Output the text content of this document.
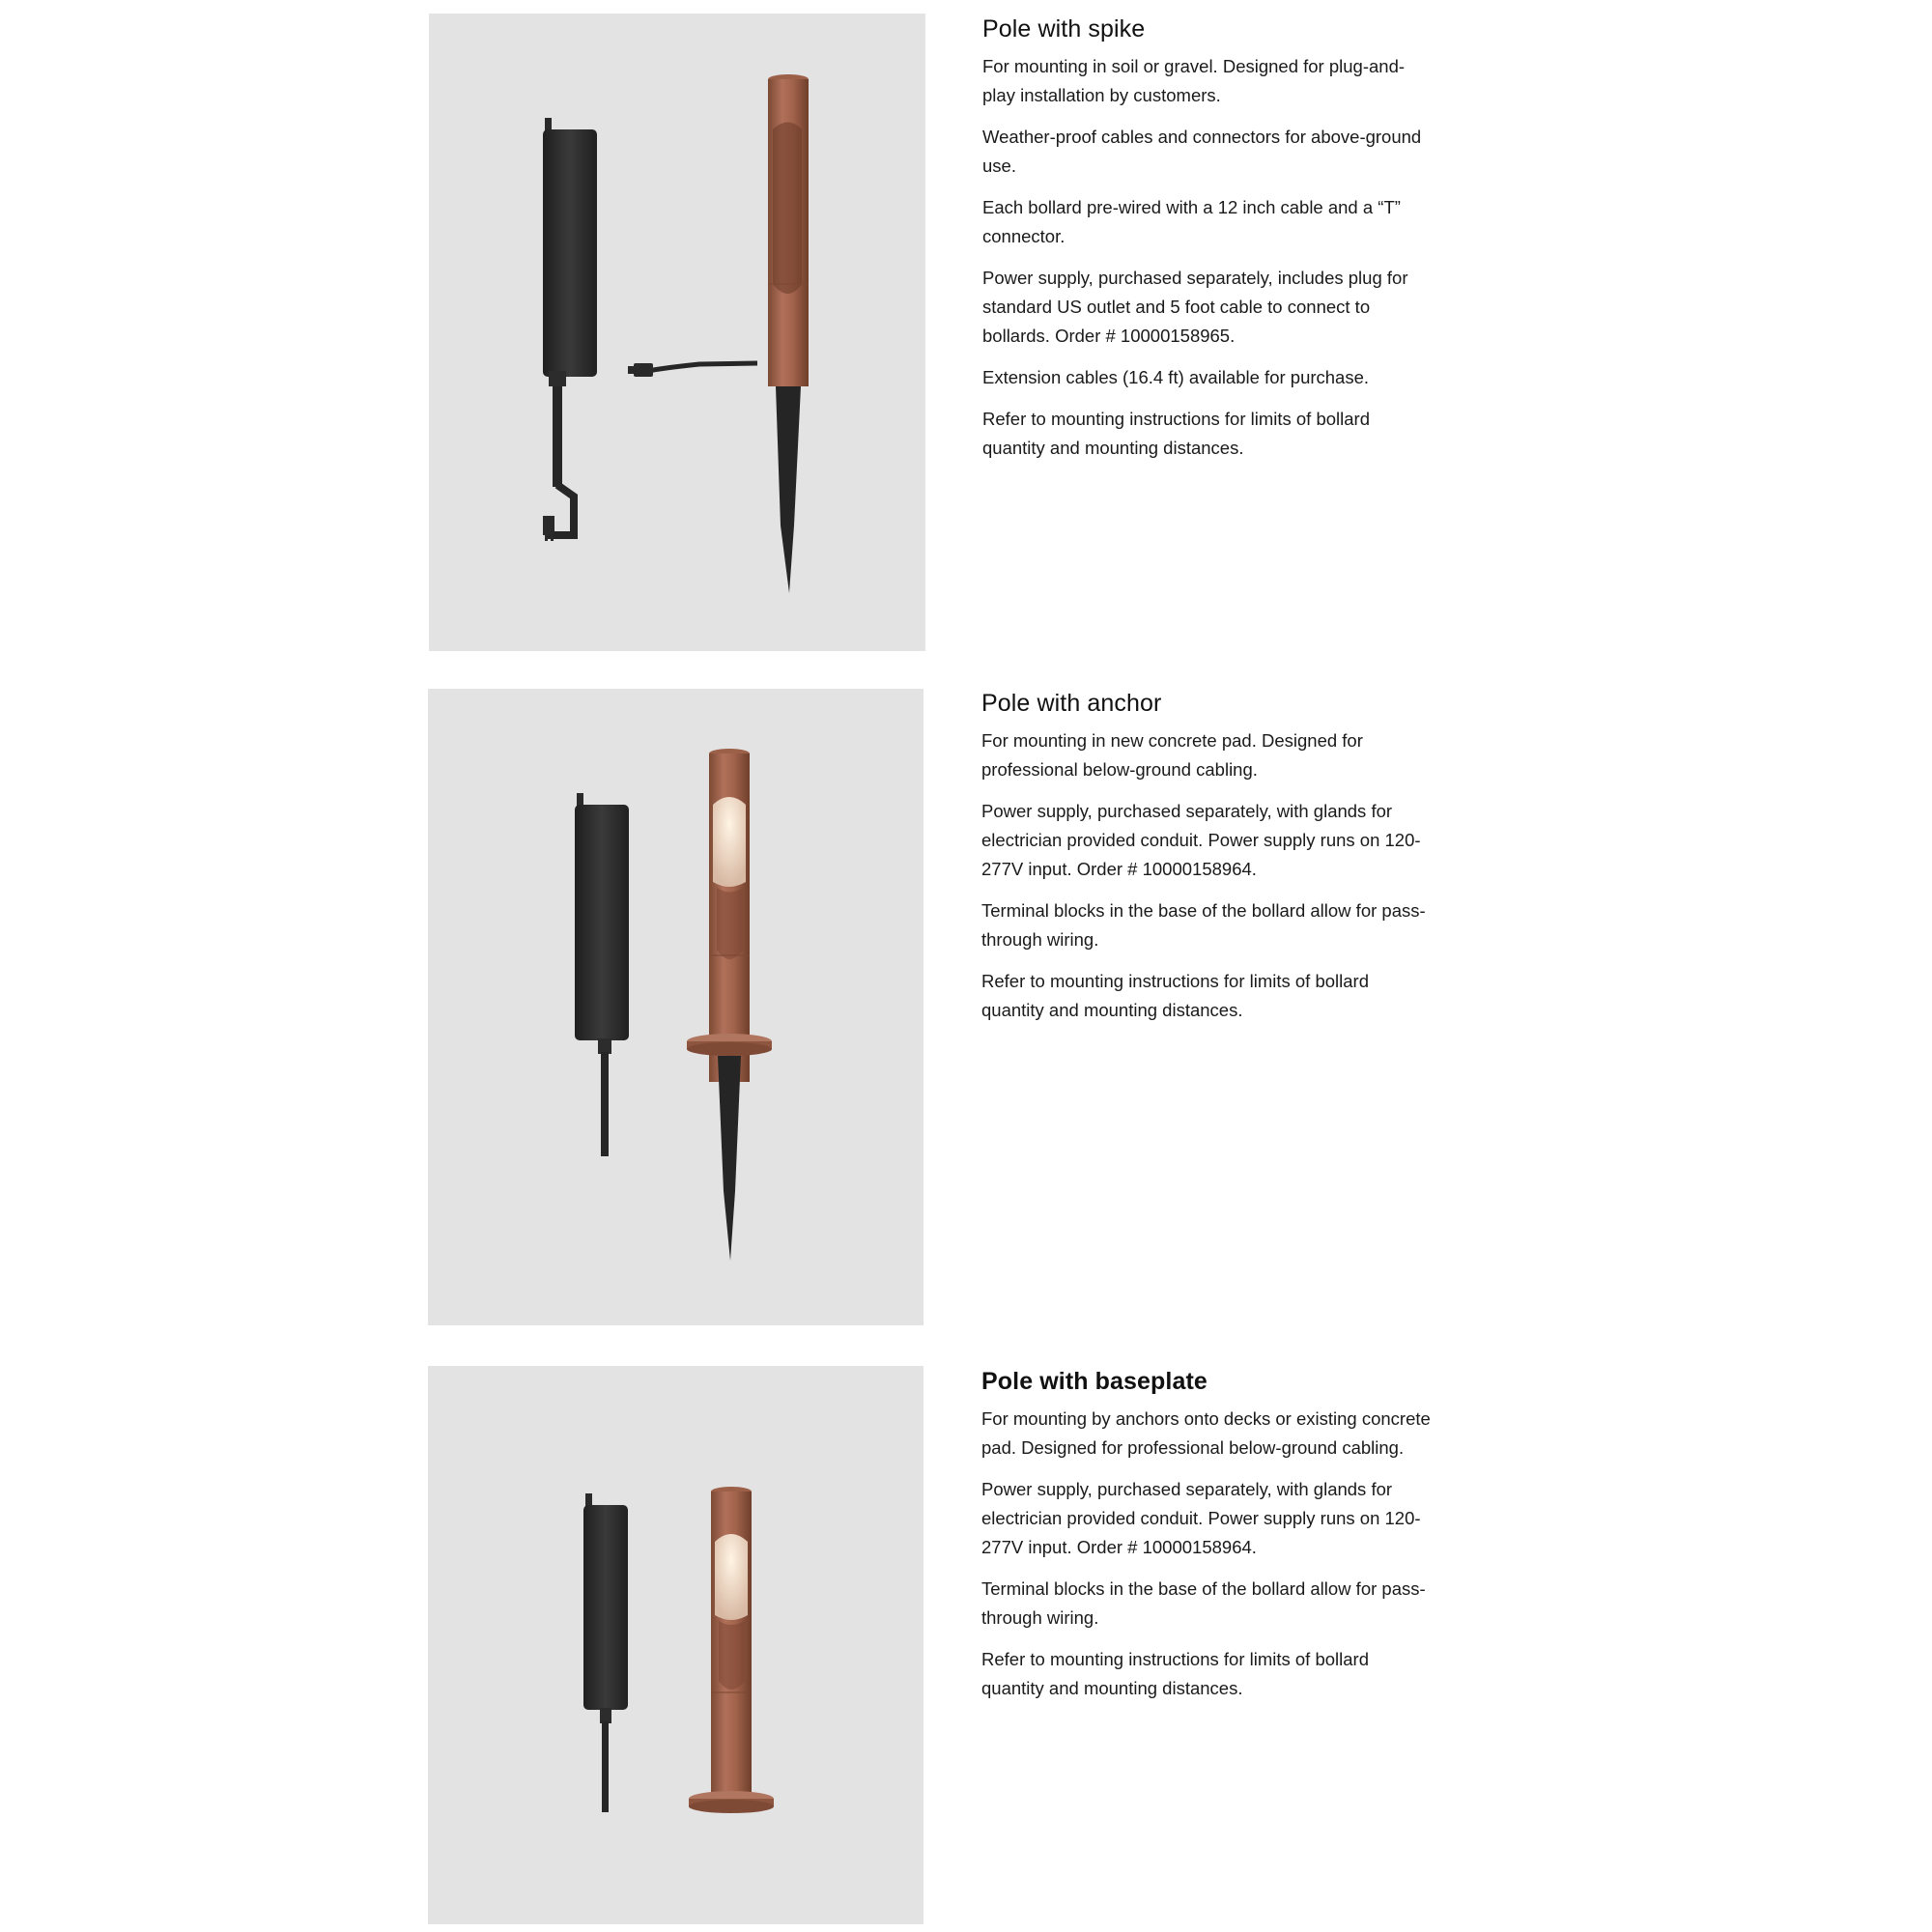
Pole with spike

For mounting in soil or gravel. Designed for plug-and-play installation by customers.

Weather-proof cables and connectors for above-ground use.

Each bollard pre-wired with a 12 inch cable and a “T” connector.

Power supply, purchased separately, includes plug for standard US outlet and 5 foot cable to connect to bollards. Order # 10000158965.

Extension cables (16.4 ft) available for purchase.

Refer to mounting instructions for limits of bollard quantity and mounting distances.

Pole with anchor

For mounting in new concrete pad. Designed for professional below-ground cabling.

Power supply, purchased separately, with glands for electrician provided conduit. Power supply runs on 120-277V input. Order # 10000158964.

Terminal blocks in the base of the bollard allow for pass-through wiring.

Refer to mounting instructions for limits of bollard quantity and mounting distances.

Pole with baseplate

For mounting by anchors onto decks or existing concrete pad. Designed for professional below-ground cabling.

Power supply, purchased separately, with glands for electrician provided conduit. Power supply runs on 120-277V input. Order # 10000158964.

Terminal blocks in the base of the bollard allow for pass-through wiring.

Refer to mounting instructions for limits of bollard quantity and mounting distances.
